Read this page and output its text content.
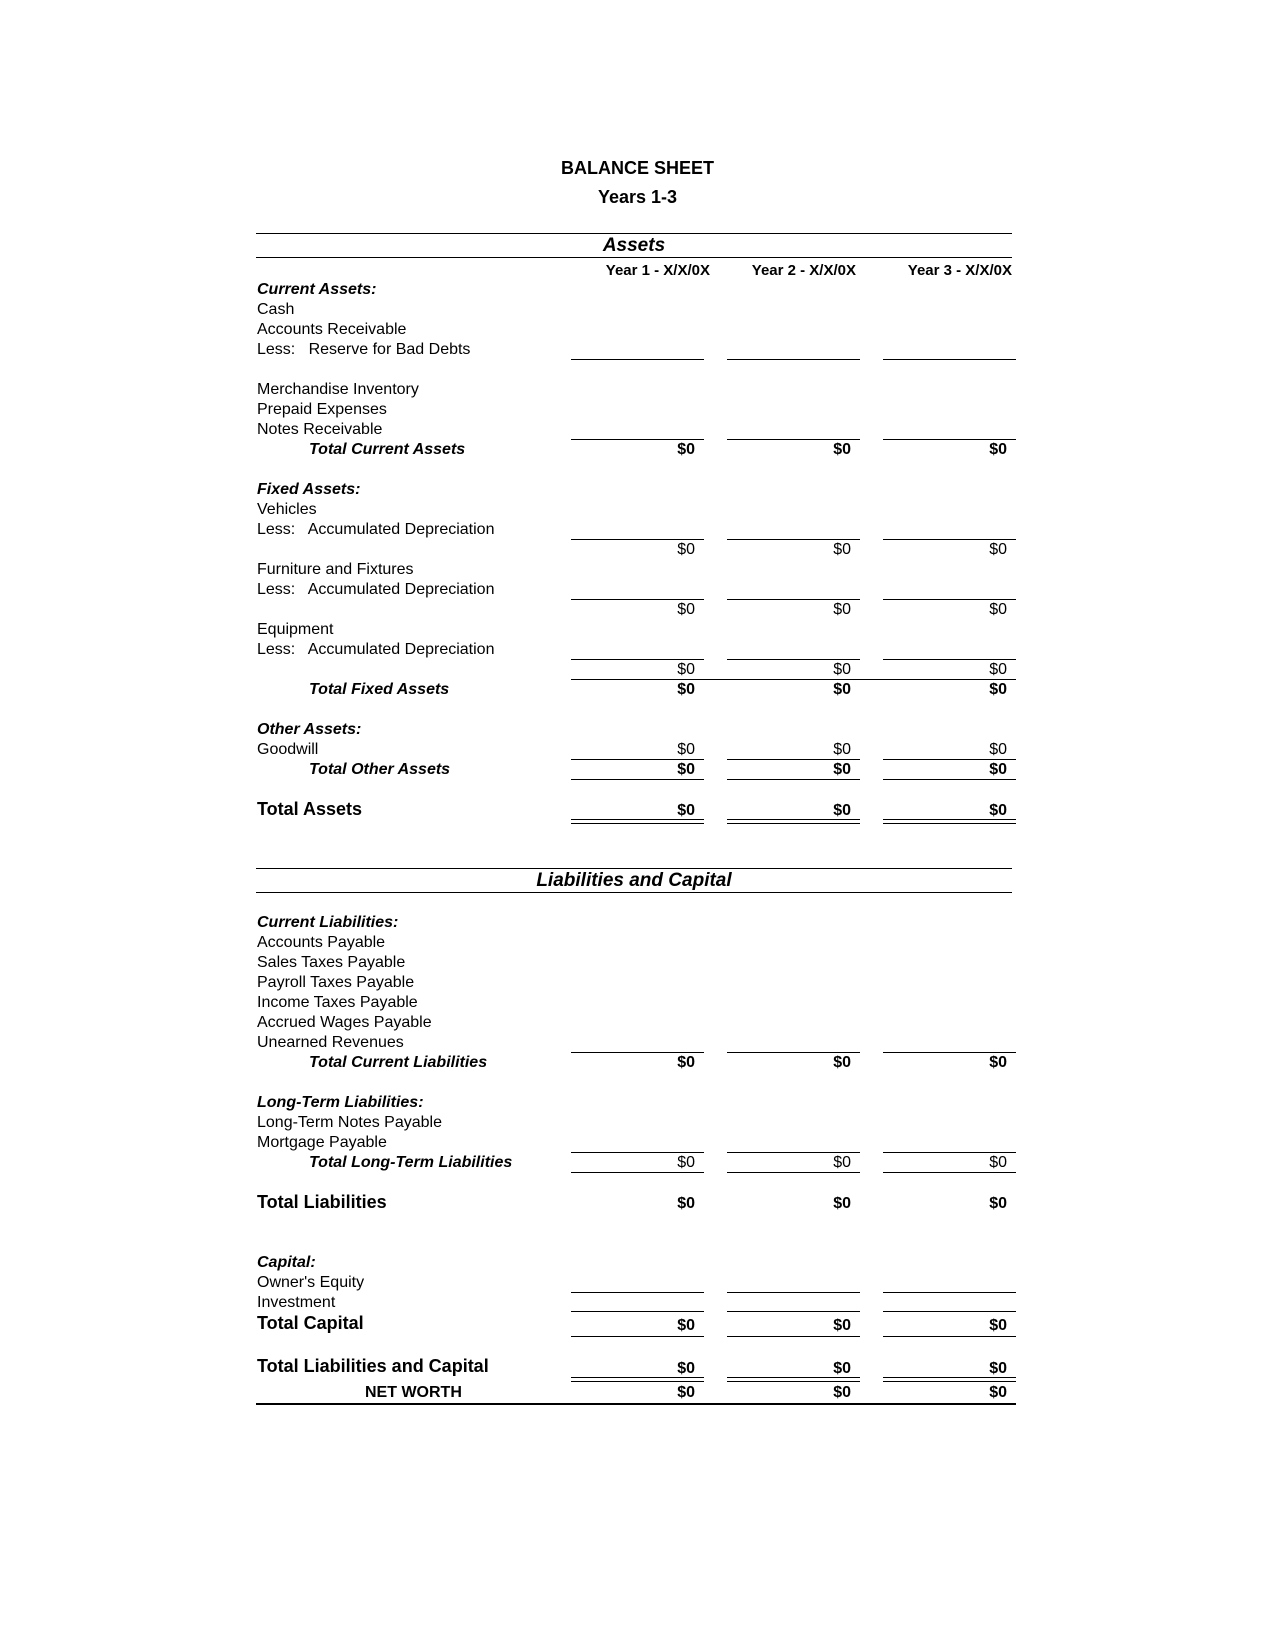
BALANCE SHEET
Years 1-3
Assets
Year 1 - X/X/0X	Year 2 - X/X/0X	Year 3 - X/X/0X
Current Assets:
Cash
Accounts Receivable
Less:   Reserve for Bad Debts
Merchandise Inventory
Prepaid Expenses
Notes Receivable
Total Current Assets	$0	$0	$0
Fixed Assets:
Vehicles
Less:   Accumulated Depreciation
$0	$0	$0
Furniture and Fixtures
Less:   Accumulated Depreciation
$0	$0	$0
Equipment
Less:   Accumulated Depreciation
$0	$0	$0
Total Fixed Assets	$0	$0	$0
Other Assets:
Goodwill	$0	$0	$0
Total Other Assets	$0	$0	$0
Total Assets	$0	$0	$0
Liabilities and Capital
Current Liabilities:
Accounts Payable
Sales Taxes Payable
Payroll Taxes Payable
Income Taxes Payable
Accrued Wages Payable
Unearned Revenues
Total Current Liabilities	$0	$0	$0
Long-Term Liabilities:
Long-Term Notes Payable
Mortgage Payable
Total Long-Term Liabilities	$0	$0	$0
Total Liabilities	$0	$0	$0
Capital:
Owner's Equity
Investment
Total Capital	$0	$0	$0
Total Liabilities and Capital	$0	$0	$0
NET WORTH	$0	$0	$0
